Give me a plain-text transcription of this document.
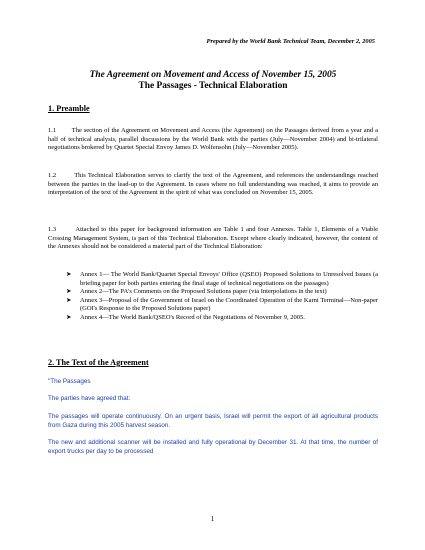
Prepared by the World Bank Technical Team, December 2, 2005
The Agreement on Movement and Access of November 15, 2005
The Passages - Technical Elaboration
1. Preamble
1.1 The section of the Agreement on Movement and Access (the Agreement) on the Passages derived from a year and a half of technical analysis, parallel discussions by the World Bank with the parties (July—November 2004) and bi-trilateral negotiations brokered by Quartet Special Envoy James D. Wolfensohn (July—November 2005).
1.2	This Technical Elaboration serves to clarify the text of the Agreement, and references the understandings reached between the parties in the lead-up to the Agreement. In cases where no full understanding was reached, it aims to provide an interpretation of the text of the Agreement in the spirit of what was concluded on November 15, 2005.
1.3	Attached to this paper for background information are Table 1 and four Annexes. Table 1, Elements of a Viable Crossing Management System, is part of this Technical Elaboration. Except where clearly indicated, however, the content of the Annexes should not be considered a material part of the Technical Elaboration:
➤ Annex 1— The World Bank/Quartet Special Envoys' Office (QSEO) Proposed Solutions to Unresolved Issues (a briefing paper for both parties entering the final stage of technical negotiations on the passages)
➤ Annex 2—The PA's Comments on the Proposed Solutions paper (via Interpolations in the text)
➤ Annex 3—Proposal of the Government of Israel on the Coordinated Operation of the Karni Terminal—Non-paper (GOI's Response to the Proposed Solutions paper)
➤ Annex 4—The World Bank/QSEO's Record of the Negotiations of November 9, 2005.
2. The Text of the Agreement
"The Passages
The parties have agreed that:
The passages will operate continuously. On an urgent basis, Israel will permit the export of all agricultural products from Gaza during this 2005 harvest season.
The new and additional scanner will be installed and fully operational by December 31. At that time, the number of export trucks per day to be processed
1
